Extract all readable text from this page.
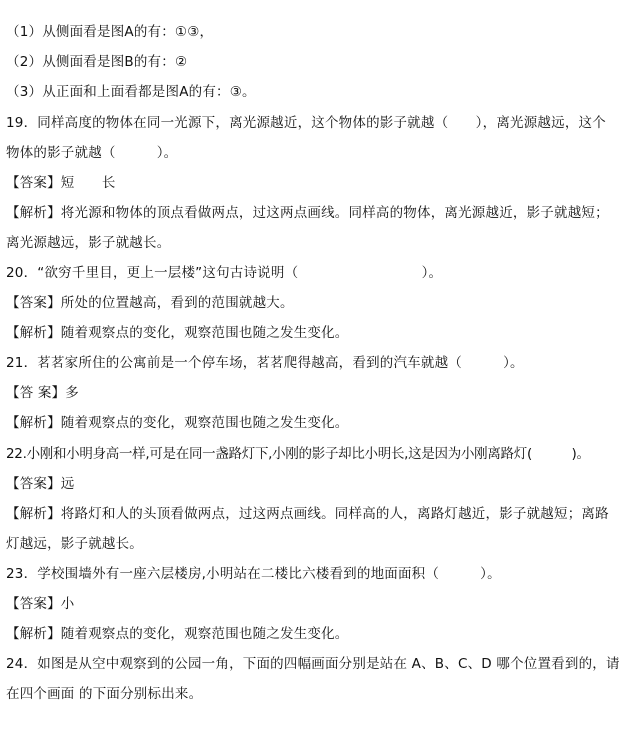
（1）从侧面看是图A的有：①③，
（2）从侧面看是图B的有：②
（3）从正面和上面看都是图A的有：③。
19．同样高度的物体在同一光源下，离光源越近，这个物体的影子就越（　　），离光源越远，这个
物体的影子就越（　　　）。
【答案】短　　长
【解析】将光源和物体的顶点看做两点，过这两点画线。同样高的物体，离光源越近，影子就越短；
离光源越远，影子就越长。
20．“欲穷千里目，更上一层楼”这句古诗说明（　　　　　　　　　）。
【答案】所处的位置越高，看到的范围就越大。
【解析】随着观察点的变化，观察范围也随之发生变化。
21．茗茗家所住的公寓前是一个停车场，茗茗爬得越高，看到的汽车就越（　　　）。
【答 案】多
【解析】随着观察点的变化，观察范围也随之发生变化。
22.小刚和小明身高一样,可是在同一盏路灯下,小刚的影子却比小明长,这是因为小刚离路灯(　　　)。
【答案】远
【解析】将路灯和人的头顶看做两点，过这两点画线。同样高的人，离路灯越近，影子就越短；离路
灯越远，影子就越长。
23．学校围墙外有一座六层楼房,小明站在二楼比六楼看到的地面面积（　　　）。
【答案】小
【解析】随着观察点的变化，观察范围也随之发生变化。
24．如图是从空中观察到的公园一角，下面的四幅画面分别是站在 A、B、C、D 哪个位置看到的，请
在四个画面 的下面分别标出来。
